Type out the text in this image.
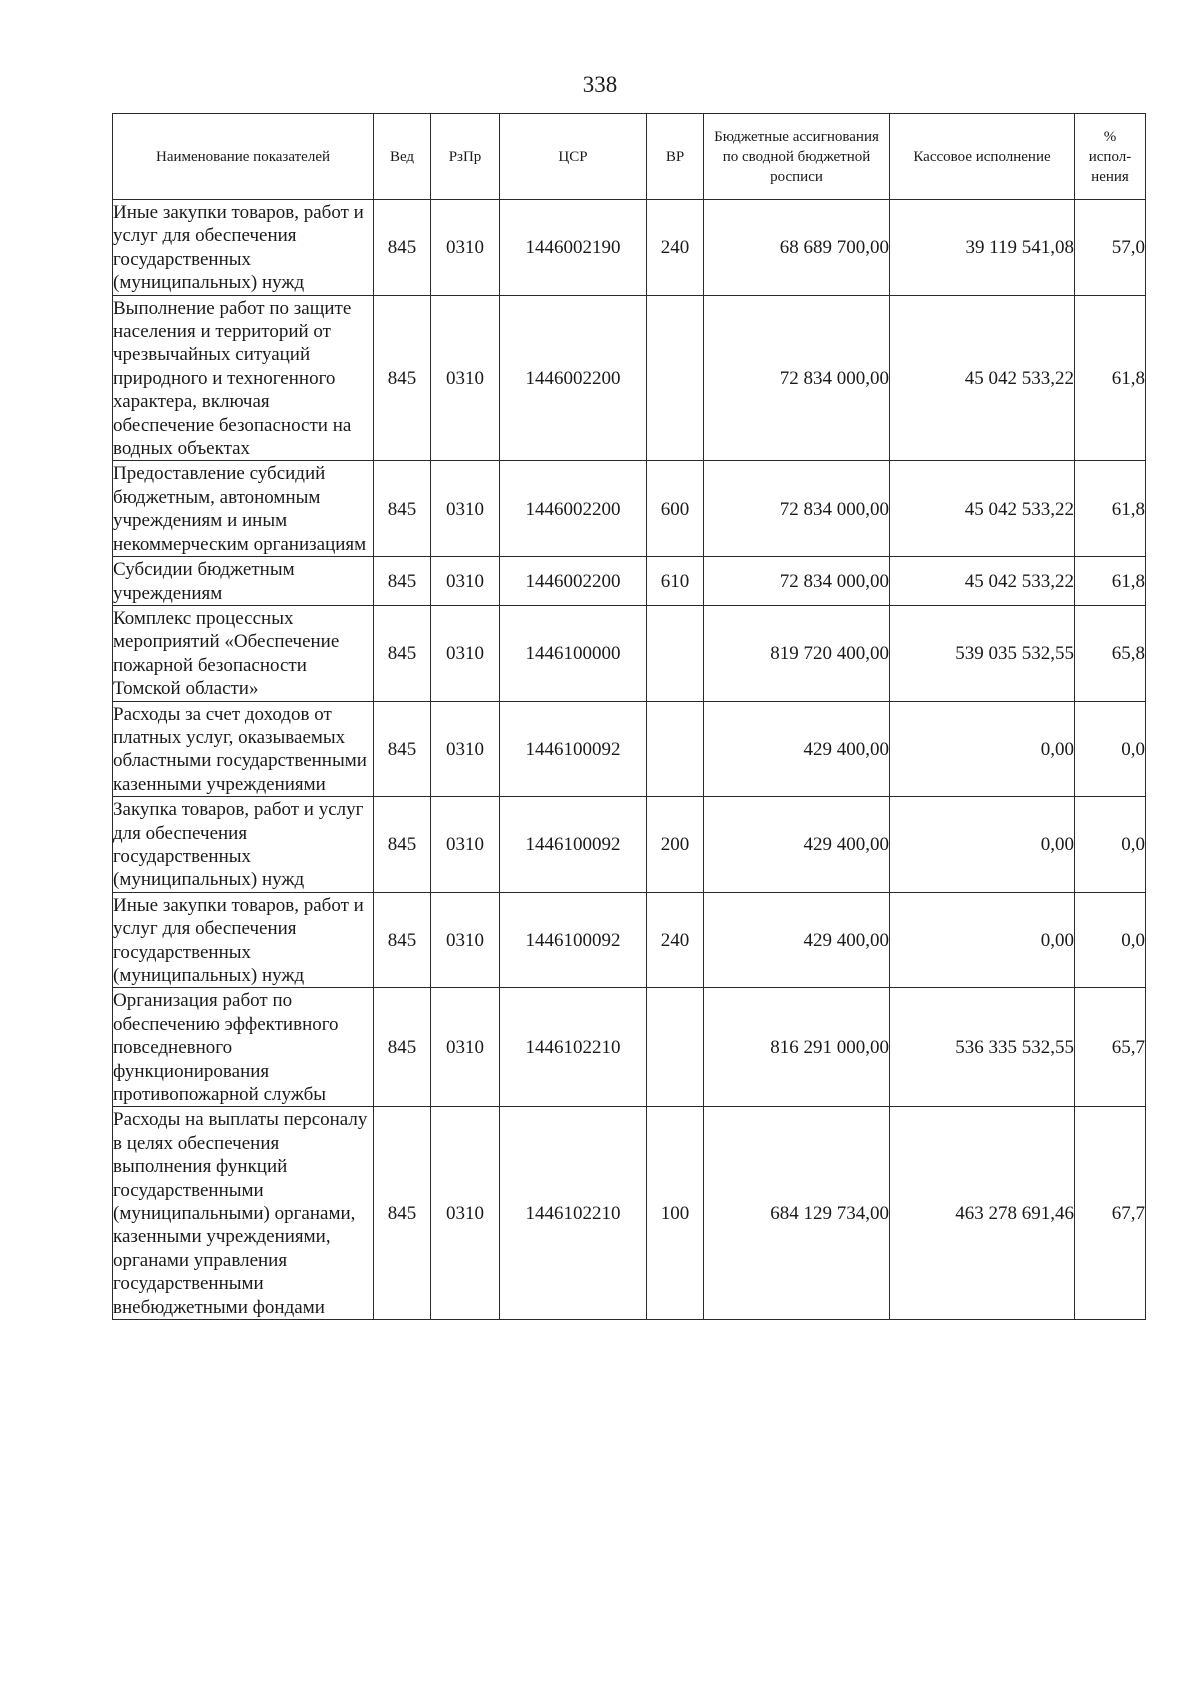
338
Наименование показателей	Вед	РзПр	ЦСР	ВР	Бюджетные ассигнования по сводной бюджетной росписи	Кассовое исполнение	% испол-нения
Иные закупки товаров, работ и услуг для обеспечения государственных (муниципальных) нужд	845	0310	1446002190	240	68 689 700,00	39 119 541,08	57,0
Выполнение работ по защите населения и территорий от чрезвычайных ситуаций природного и техногенного характера, включая обеспечение безопасности на водных объектах	845	0310	1446002200		72 834 000,00	45 042 533,22	61,8
Предоставление субсидий бюджетным, автономным учреждениям и иным некоммерческим организациям	845	0310	1446002200	600	72 834 000,00	45 042 533,22	61,8
Субсидии бюджетным учреждениям	845	0310	1446002200	610	72 834 000,00	45 042 533,22	61,8
Комплекс процессных мероприятий «Обеспечение пожарной безопасности Томской области»	845	0310	1446100000		819 720 400,00	539 035 532,55	65,8
Расходы за счет доходов от платных услуг, оказываемых областными государственными казенными учреждениями	845	0310	1446100092		429 400,00	0,00	0,0
Закупка товаров, работ и услуг для обеспечения государственных (муниципальных) нужд	845	0310	1446100092	200	429 400,00	0,00	0,0
Иные закупки товаров, работ и услуг для обеспечения государственных (муниципальных) нужд	845	0310	1446100092	240	429 400,00	0,00	0,0
Организация работ по обеспечению эффективного повседневного функционирования противопожарной службы	845	0310	1446102210		816 291 000,00	536 335 532,55	65,7
Расходы на выплаты персоналу в целях обеспечения выполнения функций государственными (муниципальными) органами, казенными учреждениями, органами управления государственными внебюджетными фондами	845	0310	1446102210	100	684 129 734,00	463 278 691,46	67,7
